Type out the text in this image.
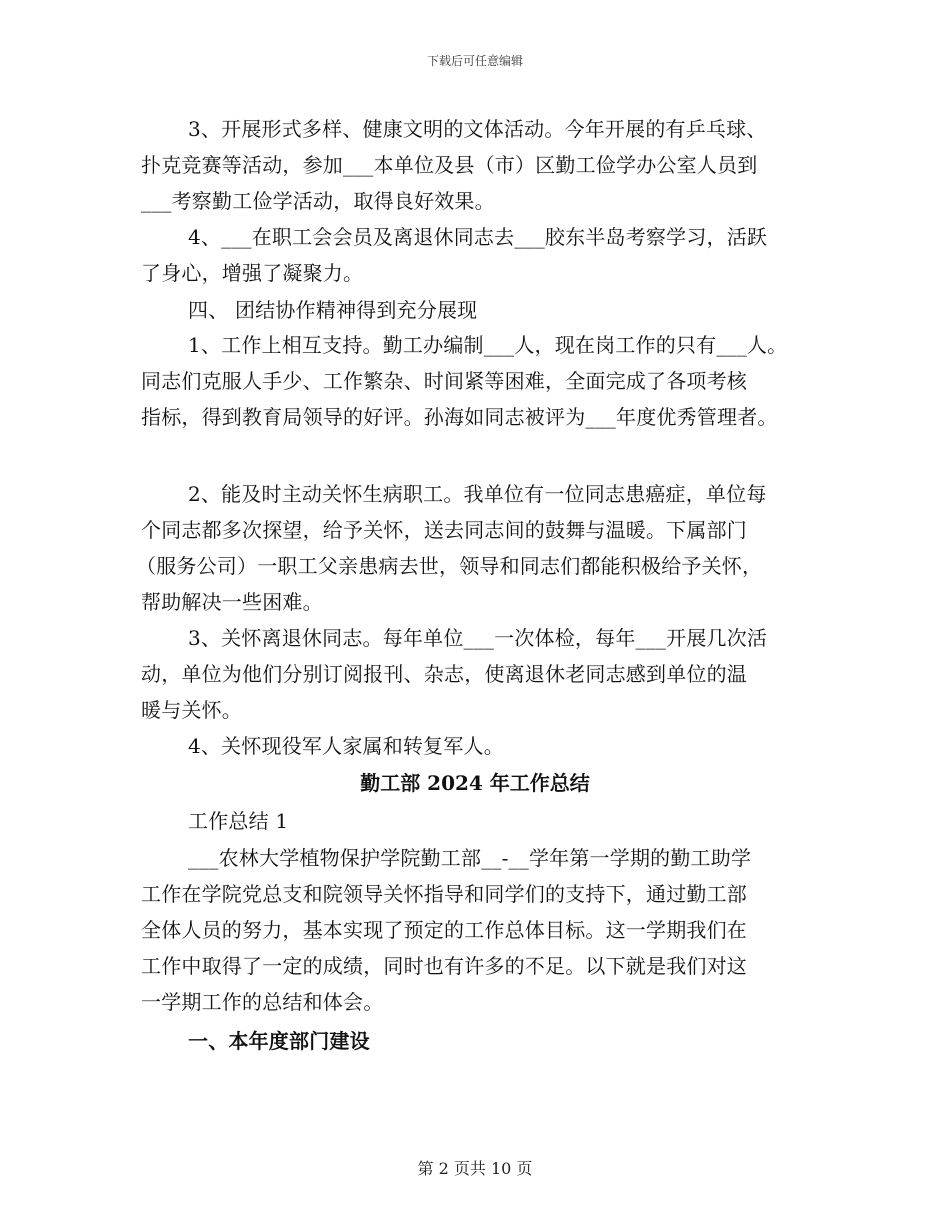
下载后可任意编辑
3、开展形式多样、健康文明的文体活动。今年开展的有乒乓球、
扑克竞赛等活动，参加___本单位及县（市）区勤工俭学办公室人员到
___考察勤工俭学活动，取得良好效果。
4、___在职工会会员及离退休同志去___胶东半岛考察学习，活跃
了身心，增强了凝聚力。
四、 团结协作精神得到充分展现
1、工作上相互支持。勤工办编制___人，现在岗工作的只有___人。
同志们克服人手少、工作繁杂、时间紧等困难，全面完成了各项考核
指标，得到教育局领导的好评。孙海如同志被评为___年度优秀管理者。
2、能及时主动关怀生病职工。我单位有一位同志患癌症，单位每
个同志都多次探望，给予关怀，送去同志间的鼓舞与温暖。下属部门
（服务公司）一职工父亲患病去世，领导和同志们都能积极给予关怀，
帮助解决一些困难。
3、关怀离退休同志。每年单位___一次体检，每年___开展几次活
动，单位为他们分别订阅报刊、杂志，使离退休老同志感到单位的温
暖与关怀。
4、关怀现役军人家属和转复军人。
勤工部 2024 年工作总结
工作总结 1
___农林大学植物保护学院勤工部__-__学年第一学期的勤工助学
工作在学院党总支和院领导关怀指导和同学们的支持下，通过勤工部
全体人员的努力，基本实现了预定的工作总体目标。这一学期我们在
工作中取得了一定的成绩，同时也有许多的不足。以下就是我们对这
一学期工作的总结和体会。
一、本年度部门建设
第 2 页共 10 页
